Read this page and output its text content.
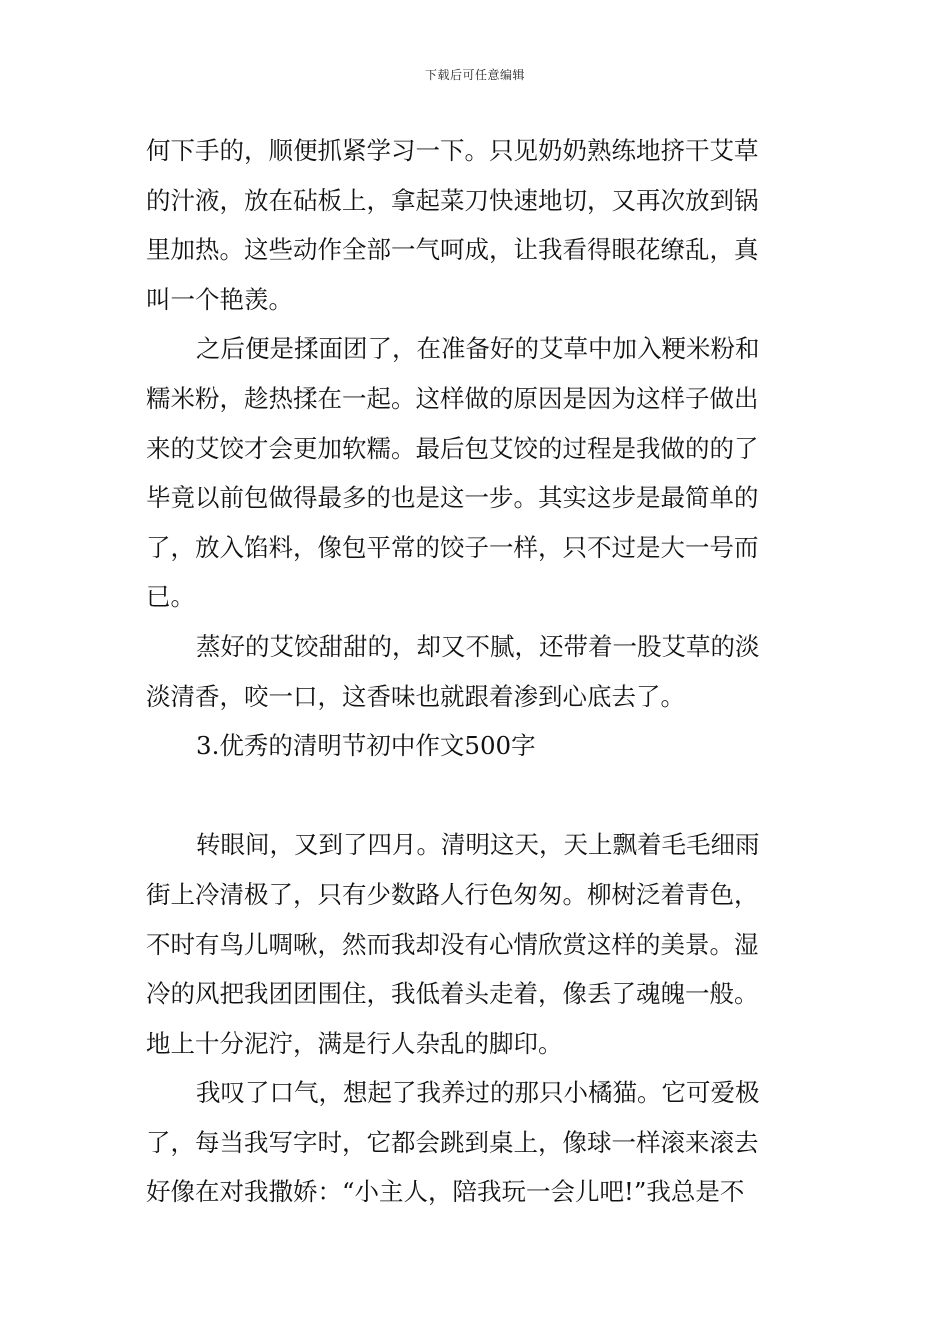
下载后可任意编辑
何下手的，顺便抓紧学习一下。只见奶奶熟练地挤干艾草
的汁液，放在砧板上，拿起菜刀快速地切，又再次放到锅
里加热。这些动作全部一气呵成，让我看得眼花缭乱，真
叫一个艳羡。
之后便是揉面团了，在准备好的艾草中加入粳米粉和
糯米粉，趁热揉在一起。这样做的原因是因为这样子做出
来的艾饺才会更加软糯。最后包艾饺的过程是我做的的了
毕竟以前包做得最多的也是这一步。其实这步是最简单的
了，放入馅料，像包平常的饺子一样，只不过是大一号而
已。
蒸好的艾饺甜甜的，却又不腻，还带着一股艾草的淡
淡清香，咬一口，这香味也就跟着渗到心底去了。
3.优秀的清明节初中作文500字
转眼间，又到了四月。清明这天，天上飘着毛毛细雨
街上冷清极了，只有少数路人行色匆匆。柳树泛着青色，
不时有鸟儿啁啾，然而我却没有心情欣赏这样的美景。湿
冷的风把我团团围住，我低着头走着，像丢了魂魄一般。
地上十分泥泞，满是行人杂乱的脚印。
我叹了口气，想起了我养过的那只小橘猫。它可爱极
了，每当我写字时，它都会跳到桌上，像球一样滚来滚去
好像在对我撒娇：“小主人，陪我玩一会儿吧!”我总是不
